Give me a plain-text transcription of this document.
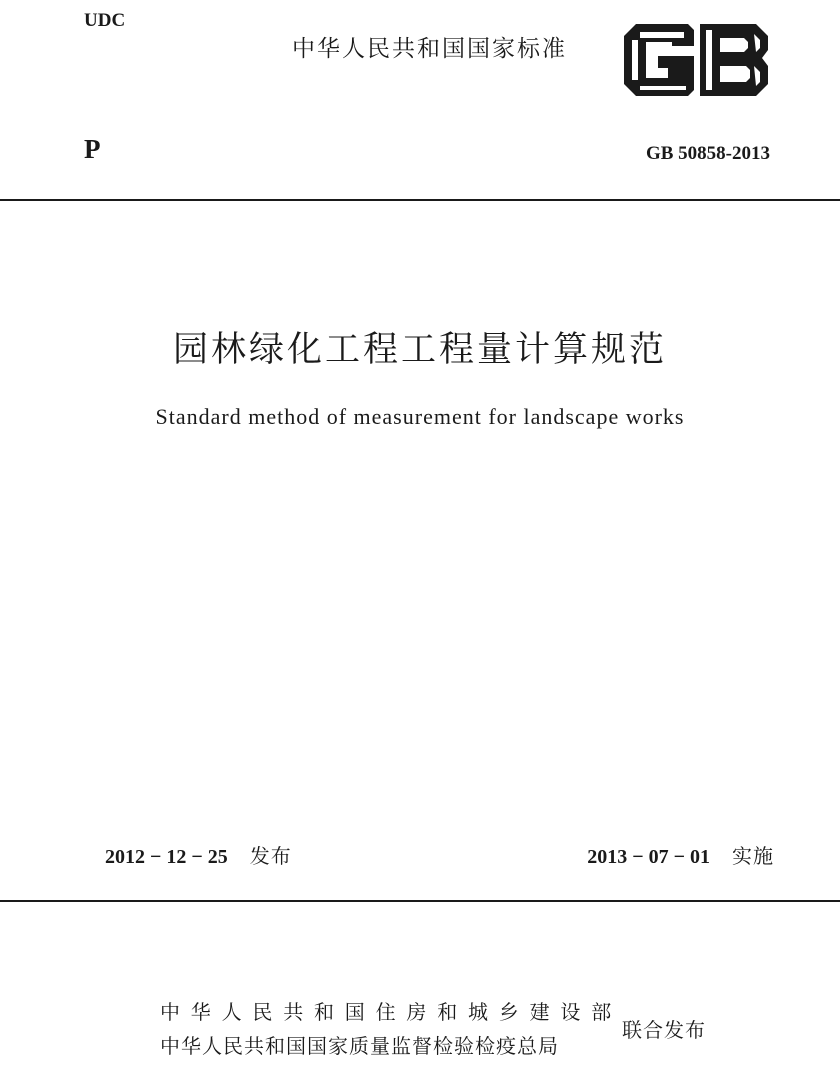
UDC
中华人民共和国国家标准
P	GB 50858-2013
园林绿化工程工程量计算规范
Standard method of measurement for landscape works
2012 − 12 − 25 发布	2013 − 07 − 01 实施
中华人民共和国住房和城乡建设部
中华人民共和国国家质量监督检验检疫总局
联合发布
